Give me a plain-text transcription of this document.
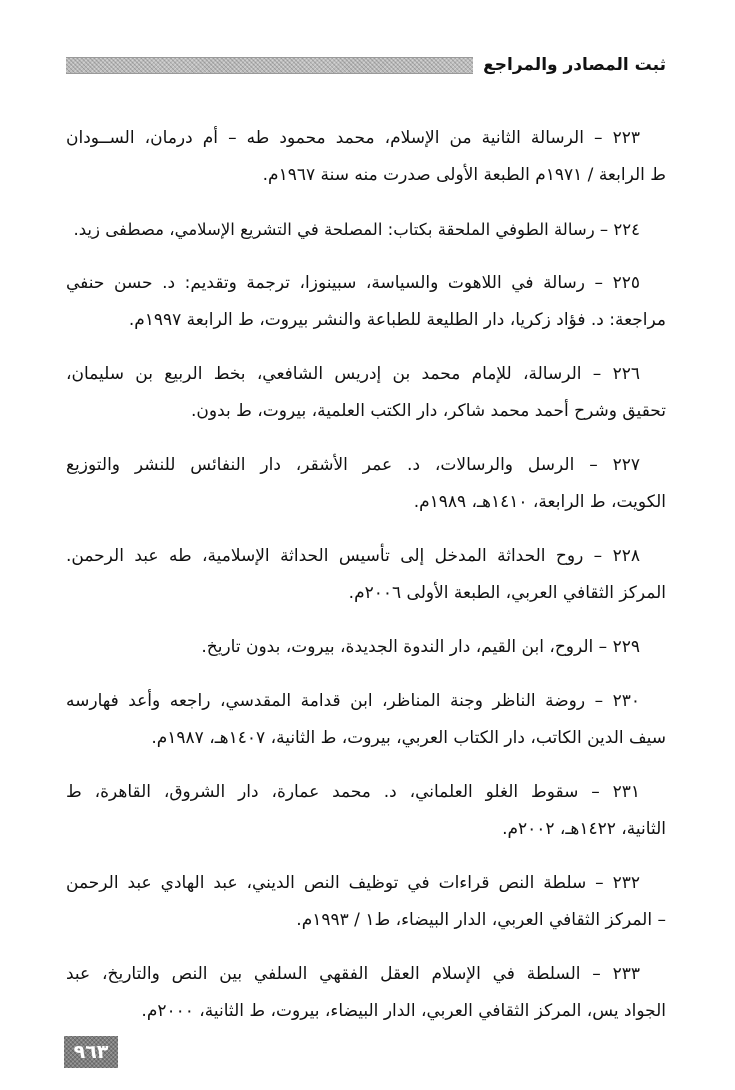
ثبت المصادر والمراجع
٢٢٣ – الرسالة الثانية من الإسلام، محمد محمود طه – أم درمان، الســودان
ط الرابعة / ١٩٧١م الطبعة الأولى صدرت منه سنة ١٩٦٧م.
٢٢٤ – رسالة الطوفي الملحقة بكتاب: المصلحة في التشريع الإسلامي، مصطفى زيد.
٢٢٥ – رسالة في اللاهوت والسياسة، سبينوزا، ترجمة وتقديم: د. حسن حنفي
مراجعة: د. فؤاد زكريا، دار الطليعة للطباعة والنشر بيروت، ط الرابعة ١٩٩٧م.
٢٢٦ – الرسالة، للإمام محمد بن إدريس الشافعي، بخط الربيع بن سليمان،
تحقيق وشرح أحمد محمد شاكر، دار الكتب العلمية، بيروت، ط بدون.
٢٢٧ – الرسل والرسالات، د. عمر الأشقر، دار النفائس للنشر والتوزيع
الكويت، ط الرابعة، ١٤١٠هـ، ١٩٨٩م.
٢٢٨ – روح الحداثة المدخل إلى تأسيس الحداثة الإسلامية، طه عبد الرحمن.
المركز الثقافي العربي، الطبعة الأولى ٢٠٠٦م.
٢٢٩ – الروح، ابن القيم، دار الندوة الجديدة، بيروت، بدون تاريخ.
٢٣٠ – روضة الناظر وجنة المناظر، ابن قدامة المقدسي، راجعه وأعد فهارسه
سيف الدين الكاتب، دار الكتاب العربي، بيروت، ط الثانية، ١٤٠٧هـ، ١٩٨٧م.
٢٣١ – سقوط الغلو العلماني، د. محمد عمارة، دار الشروق، القاهرة، ط
الثانية، ١٤٢٢هـ، ٢٠٠٢م.
٢٣٢ – سلطة النص قراءات في توظيف النص الديني، عبد الهادي عبد الرحمن
– المركز الثقافي العربي، الدار البيضاء، ط١ / ١٩٩٣م.
٢٣٣ – السلطة في الإسلام العقل الفقهي السلفي بين النص والتاريخ، عبد
الجواد يس، المركز الثقافي العربي، الدار البيضاء، بيروت، ط الثانية، ٢٠٠٠م.
٩٦٣
